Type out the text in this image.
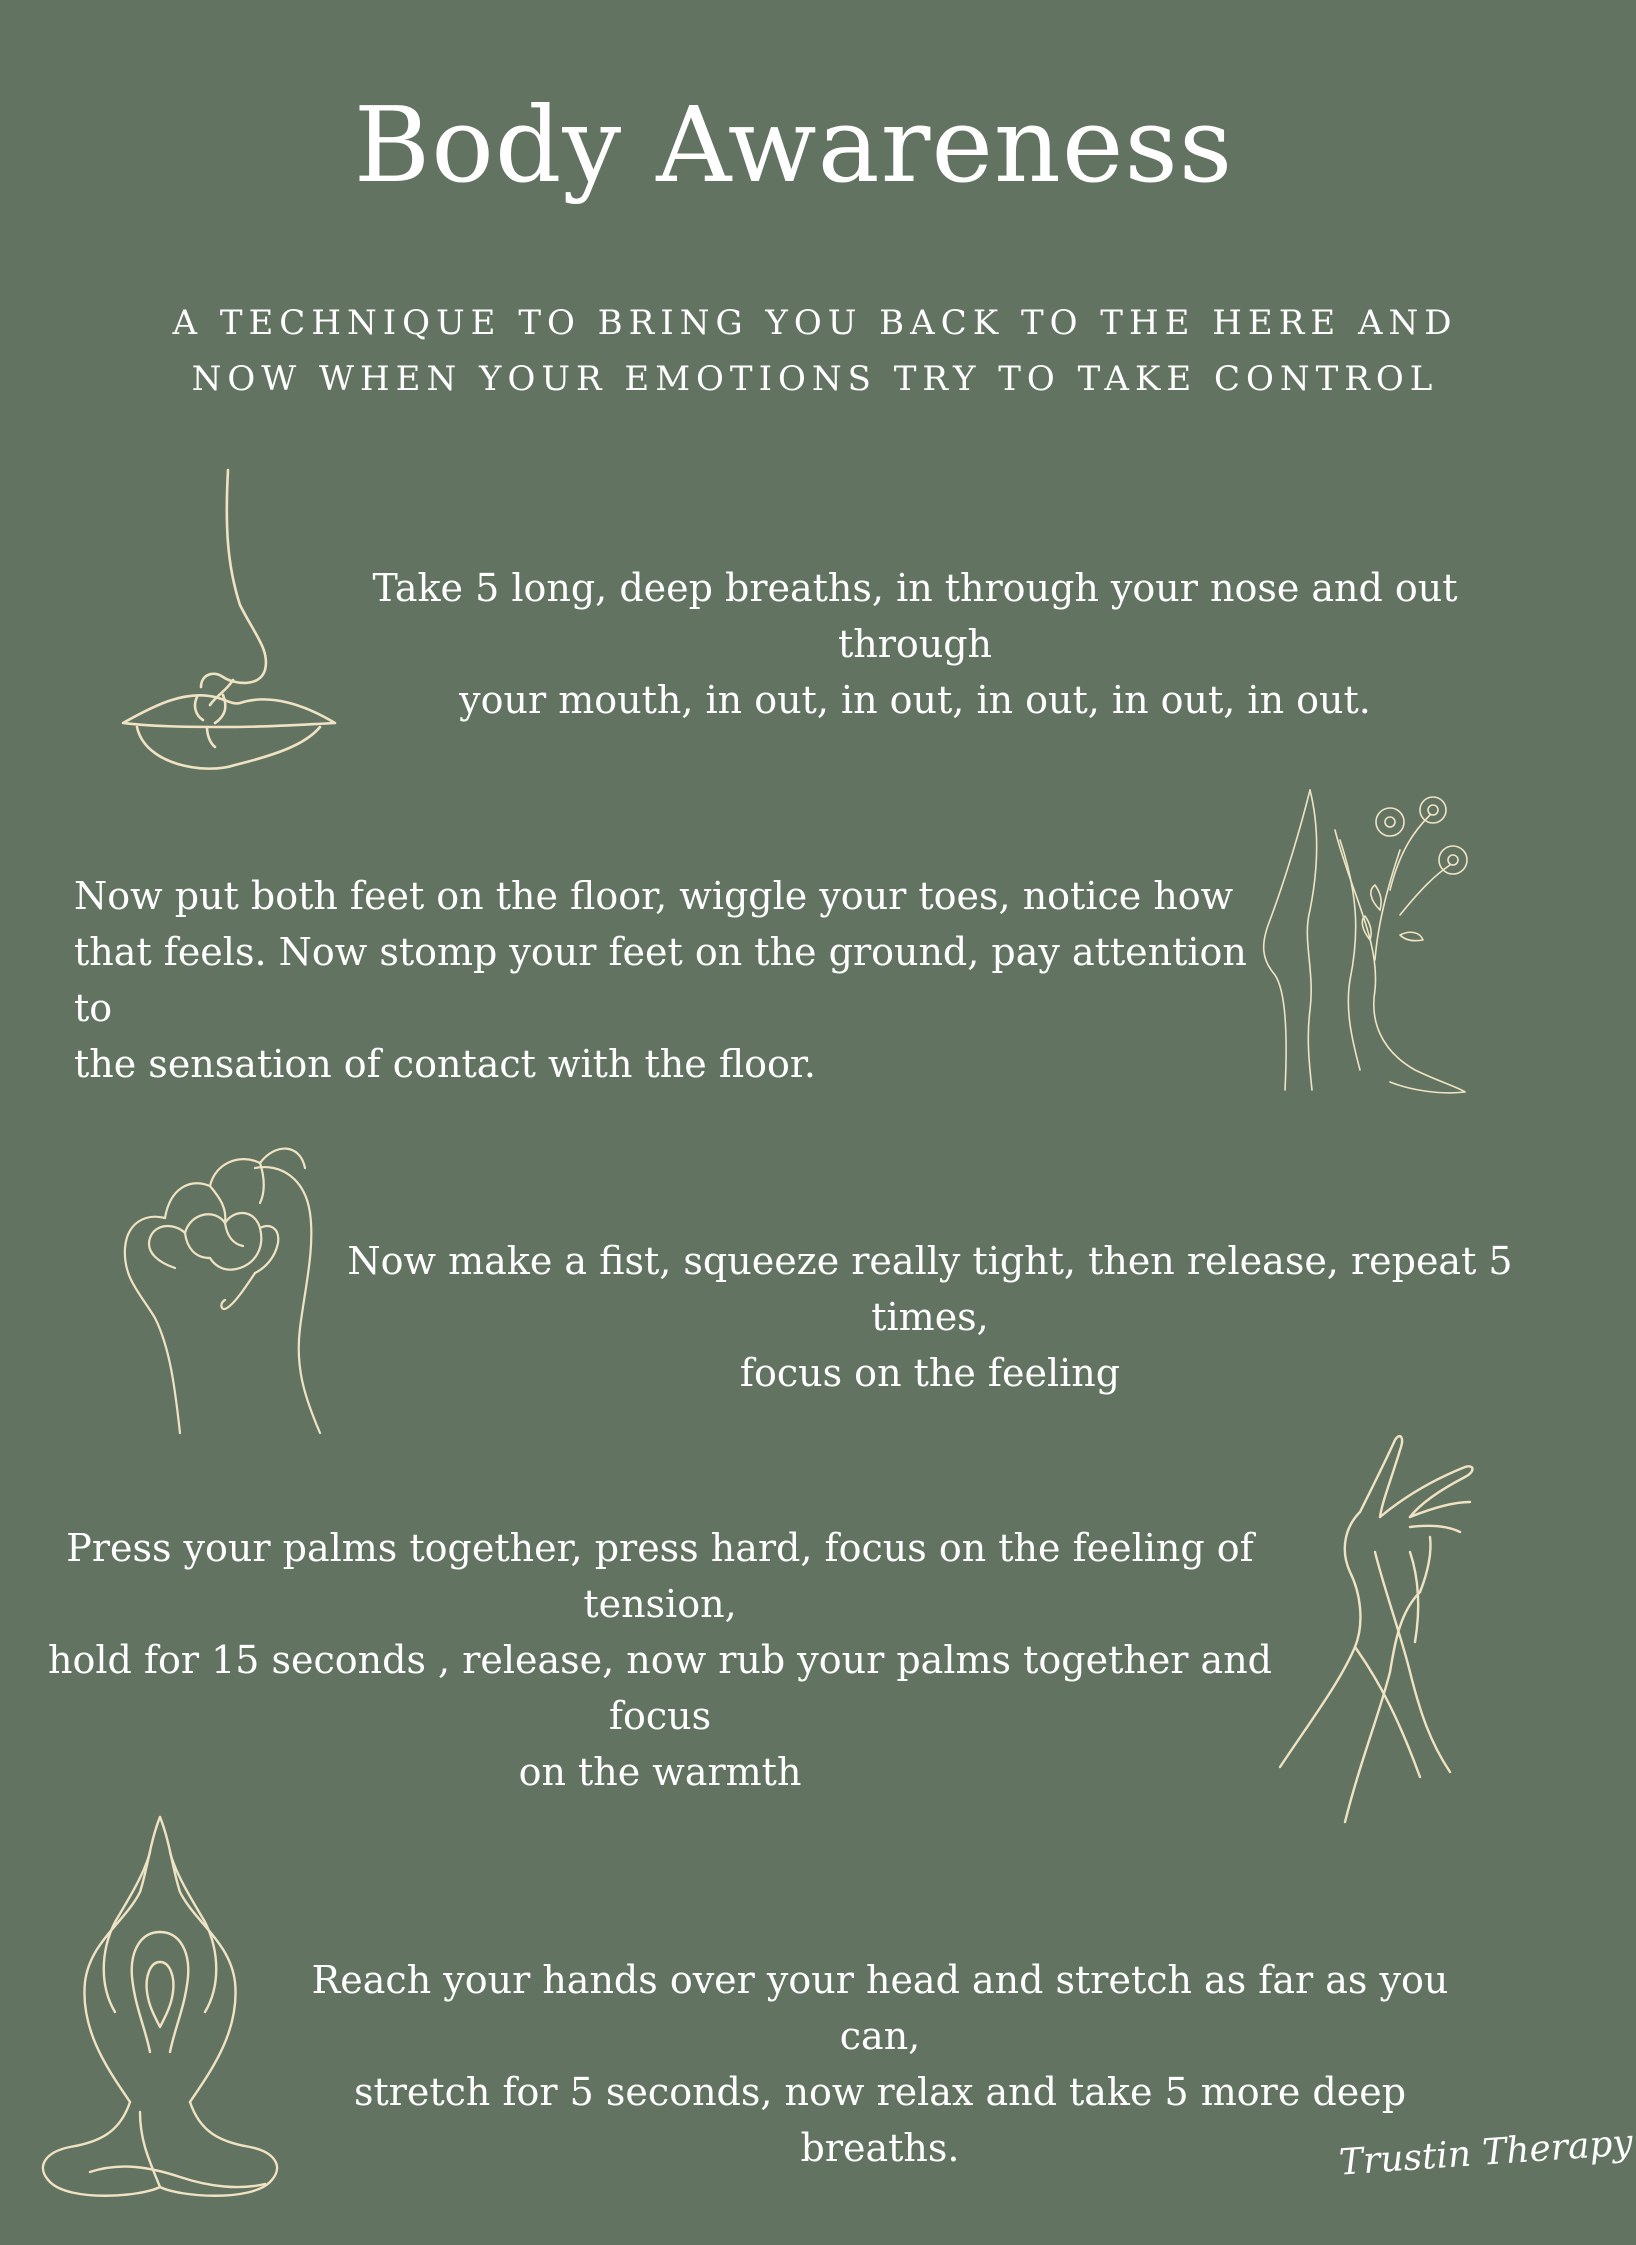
Body Awareness
A TECHNIQUE TO BRING YOU BACK TO THE HERE AND
NOW WHEN YOUR EMOTIONS TRY TO TAKE CONTROL
Take 5 long, deep breaths, in through your nose and out through
your mouth, in out, in out, in out, in out, in out.
Now put both feet on the floor, wiggle your toes, notice how
that feels. Now stomp your feet on the ground, pay attention to
the sensation of contact with the floor.
Now make a fist, squeeze really tight, then release, repeat 5 times,
focus on the feeling
Press your palms together, press hard, focus on the feeling of tension,
hold for 15 seconds , release, now rub your palms together and focus
on the warmth
Reach your hands over your head and stretch as far as you can,
stretch for 5 seconds, now relax and take 5 more deep breaths.	Trustin Therapy
